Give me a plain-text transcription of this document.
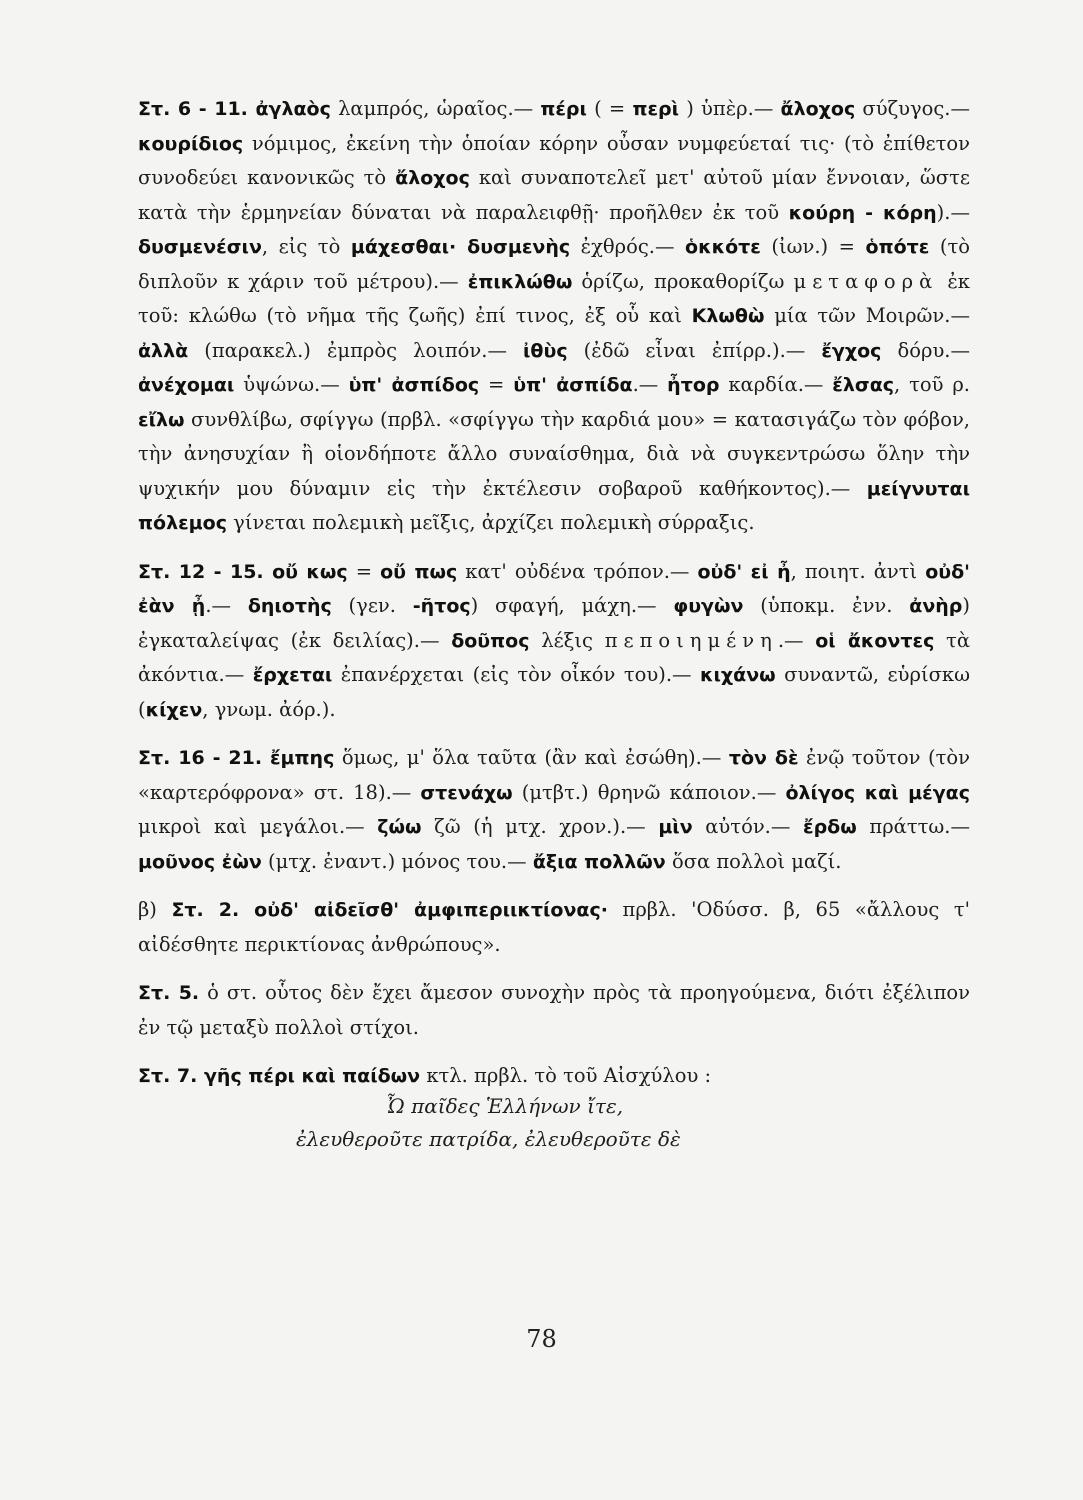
Στ. 6 - 11. ἀγλαὸς λαμπρός, ὡραῖος.— πέρι ( = περὶ ) ὑπὲρ.— ἄλοχος σύζυγος.— κουρίδιος νόμιμος, ἐκείνη τὴν ὁποίαν κόρην οὖσαν νυμφεύεταί τις· (τὸ ἐπίθετον συνοδεύει κανονικῶς τὸ ἄλοχος καὶ συναποτελεῖ μετ' αὐτοῦ μίαν ἔννοιαν, ὥστε κατὰ τὴν ἑρμηνείαν δύναται νὰ παραλειφθῇ· προῆλθεν ἐκ τοῦ κούρη - κόρη).— δυσμενέσιν, εἰς τὸ μάχεσθαι· δυσμενὴς ἐχθρός.— ὁκκότε (ἰων.) = ὁπότε (τὸ διπλοῦν κ χάριν τοῦ μέτρου).— ἐπικλώθω ὁρίζω, προκαθορίζω μεταφορὰ ἐκ τοῦ: κλώθω (τὸ νῆμα τῆς ζωῆς) ἐπί τινος, ἐξ οὗ καὶ Κλωθὼ μία τῶν Μοιρῶν.— ἀλλὰ (παρακελ.) ἐμπρὸς λοιπόν.— ἰθὺς (ἐδῶ εἶναι ἐπίρρ.).— ἔγχος δόρυ.— ἀνέχομαι ὑψώνω.— ὑπ' ἀσπίδος = ὑπ' ἀσπίδα.— ἦτορ καρδία.— ἔλσας, τοῦ ρ. εἴλω συνθλίβω, σφίγγω (πρβλ. «σφίγγω τὴν καρδιά μου» = κατασιγάζω τὸν φόβον, τὴν ἀνησυχίαν ἢ οἱονδήποτε ἄλλο συναίσθημα, διὰ νὰ συγκεντρώσω ὅλην τὴν ψυχικήν μου δύναμιν εἰς τὴν ἐκτέλεσιν σοβαροῦ καθήκοντος).— μείγνυται πόλεμος γίνεται πολεμικὴ μεῖξις, ἀρχίζει πολεμικὴ σύρραξις.

Στ. 12 - 15. οὔ κως = οὔ πως κατ' οὐδένα τρόπον.— οὐδ' εἰ ἦ, ποιητ. ἀντὶ οὐδ' ἐὰν ᾖ.— δηιοτὴς (γεν. -ῆτος) σφαγή, μάχη.— φυγὼν (ὑποκμ. ἐνν. ἀνὴρ) ἐγκαταλείψας (ἐκ δειλίας).— δοῦπος λέξις πεποιημένη.— οἱ ἄκοντες τὰ ἀκόντια.— ἔρχεται ἐπανέρχεται (εἰς τὸν οἶκόν του).— κιχάνω συναντῶ, εὑρίσκω (κίχεν, γνωμ. ἀόρ.).

Στ. 16 - 21. ἔμπης ὅμως, μ' ὅλα ταῦτα (ἂν καὶ ἐσώθη).— τὸν δὲ ἐνῷ τοῦτον (τὸν «καρτερόφρονα» στ. 18).— στενάχω (μτβτ.) θρηνῶ κάποιον.— ὀλίγος καὶ μέγας μικροὶ καὶ μεγάλοι.— ζώω ζῶ (ἡ μτχ. χρον.).— μὶν αὐτόν.— ἔρδω πράττω.— μοῦνος ἐὼν (μτχ. ἐναντ.) μόνος του.— ἄξια πολλῶν ὅσα πολλοὶ μαζί.

β) Στ. 2. οὐδ' αἰδεῖσθ' ἀμφιπεριικτίονας· πρβλ. 'Οδύσσ. β, 65 «ἄλλους τ' αἰδέσθητε περικτίονας ἀνθρώπους».

Στ. 5. ὁ στ. οὗτος δὲν ἔχει ἄμεσον συνοχὴν πρὸς τὰ προηγούμενα, διότι ἐξέλιπον ἐν τῷ μεταξὺ πολλοὶ στίχοι.

Στ. 7. γῆς πέρι καὶ παίδων κτλ. πρβλ. τὸ τοῦ Αἰσχύλου :

Ὦ παῖδες Ἑλλήνων ἴτε,
ἐλευθεροῦτε πατρίδα, ἐλευθεροῦτε δὲ
78
